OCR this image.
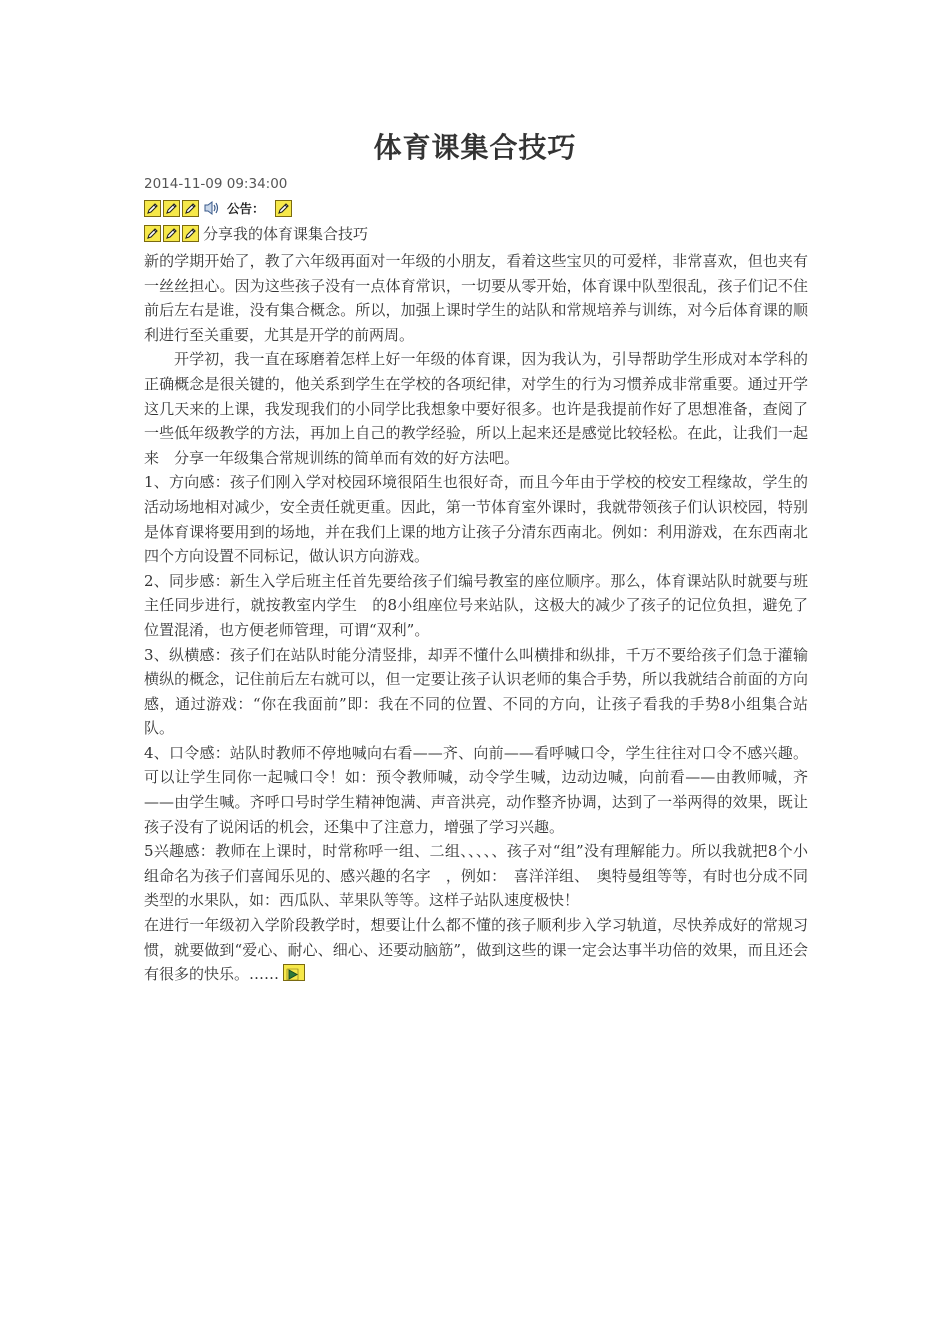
体育课集合技巧
2014-11-09 09:34:00
公告：
分享我的体育课集合技巧

新的学期开始了，教了六年级再面对一年级的小朋友，看着这些宝贝的可爱样，非常喜欢，但也夹有一丝丝担心。因为这些孩子没有一点体育常识，一切要从零开始，体育课中队型很乱，孩子们记不住前后左右是谁，没有集合概念。所以，加强上课时学生的站队和常规培养与训练，对今后体育课的顺利进行至关重要，尤其是开学的前两周。

开学初，我一直在琢磨着怎样上好一年级的体育课，因为我认为，引导帮助学生形成对本学科的正确概念是很关键的，他关系到学生在学校的各项纪律，对学生的行为习惯养成非常重要。通过开学这几天来的上课，我发现我们的小同学比我想象中要好很多。也许是我提前作好了思想准备，查阅了一些低年级教学的方法，再加上自己的教学经验，所以上起来还是感觉比较轻松。在此，让我们一起来　分享一年级集合常规训练的简单而有效的好方法吧。

1、方向感：孩子们刚入学对校园环境很陌生也很好奇，而且今年由于学校的校安工程缘故，学生的活动场地相对减少，安全责任就更重。因此，第一节体育室外课时，我就带领孩子们认识校园，特别是体育课将要用到的场地，并在我们上课的地方让孩子分清东西南北。例如：利用游戏，在东西南北四个方向设置不同标记，做认识方向游戏。

2、同步感：新生入学后班主任首先要给孩子们编号教室的座位顺序。那么，体育课站队时就要与班主任同步进行，就按教室内学生　的8小组座位号来站队，这极大的减少了孩子的记位负担，避免了位置混淆，也方便老师管理，可谓“双利”。

3、纵横感：孩子们在站队时能分清竖排，却弄不懂什么叫横排和纵排，千万不要给孩子们急于灌输横纵的概念，记住前后左右就可以，但一定要让孩子认识老师的集合手势，所以我就结合前面的方向感，通过游戏：“你在我面前”即：我在不同的位置、不同的方向，让孩子看我的手势8小组集合站队。

4、口令感：站队时教师不停地喊向右看——齐、向前——看呼喊口令，学生往往对口令不感兴趣。可以让学生同你一起喊口令！如：预令教师喊，动令学生喊，边动边喊，向前看——由教师喊，齐——由学生喊。齐呼口号时学生精神饱满、声音洪亮，动作整齐协调，达到了一举两得的效果，既让孩子没有了说闲话的机会，还集中了注意力，增强了学习兴趣。

5兴趣感：教师在上课时，时常称呼一组、二组、、、、、孩子对“组”没有理解能力。所以我就把8个小组命名为孩子们喜闻乐见的、感兴趣的名字　，例如：　喜洋洋组、　奥特曼组等等，有时也分成不同类型的水果队，如：西瓜队、苹果队等等。这样子站队速度极快！

在进行一年级初入学阶段教学时，想要让什么都不懂的孩子顺利步入学习轨道，尽快养成好的常规习惯，就要做到“爱心、耐心、细心、还要动脑筋”，做到这些的课一定会达事半功倍的效果，而且还会有很多的快乐。……
